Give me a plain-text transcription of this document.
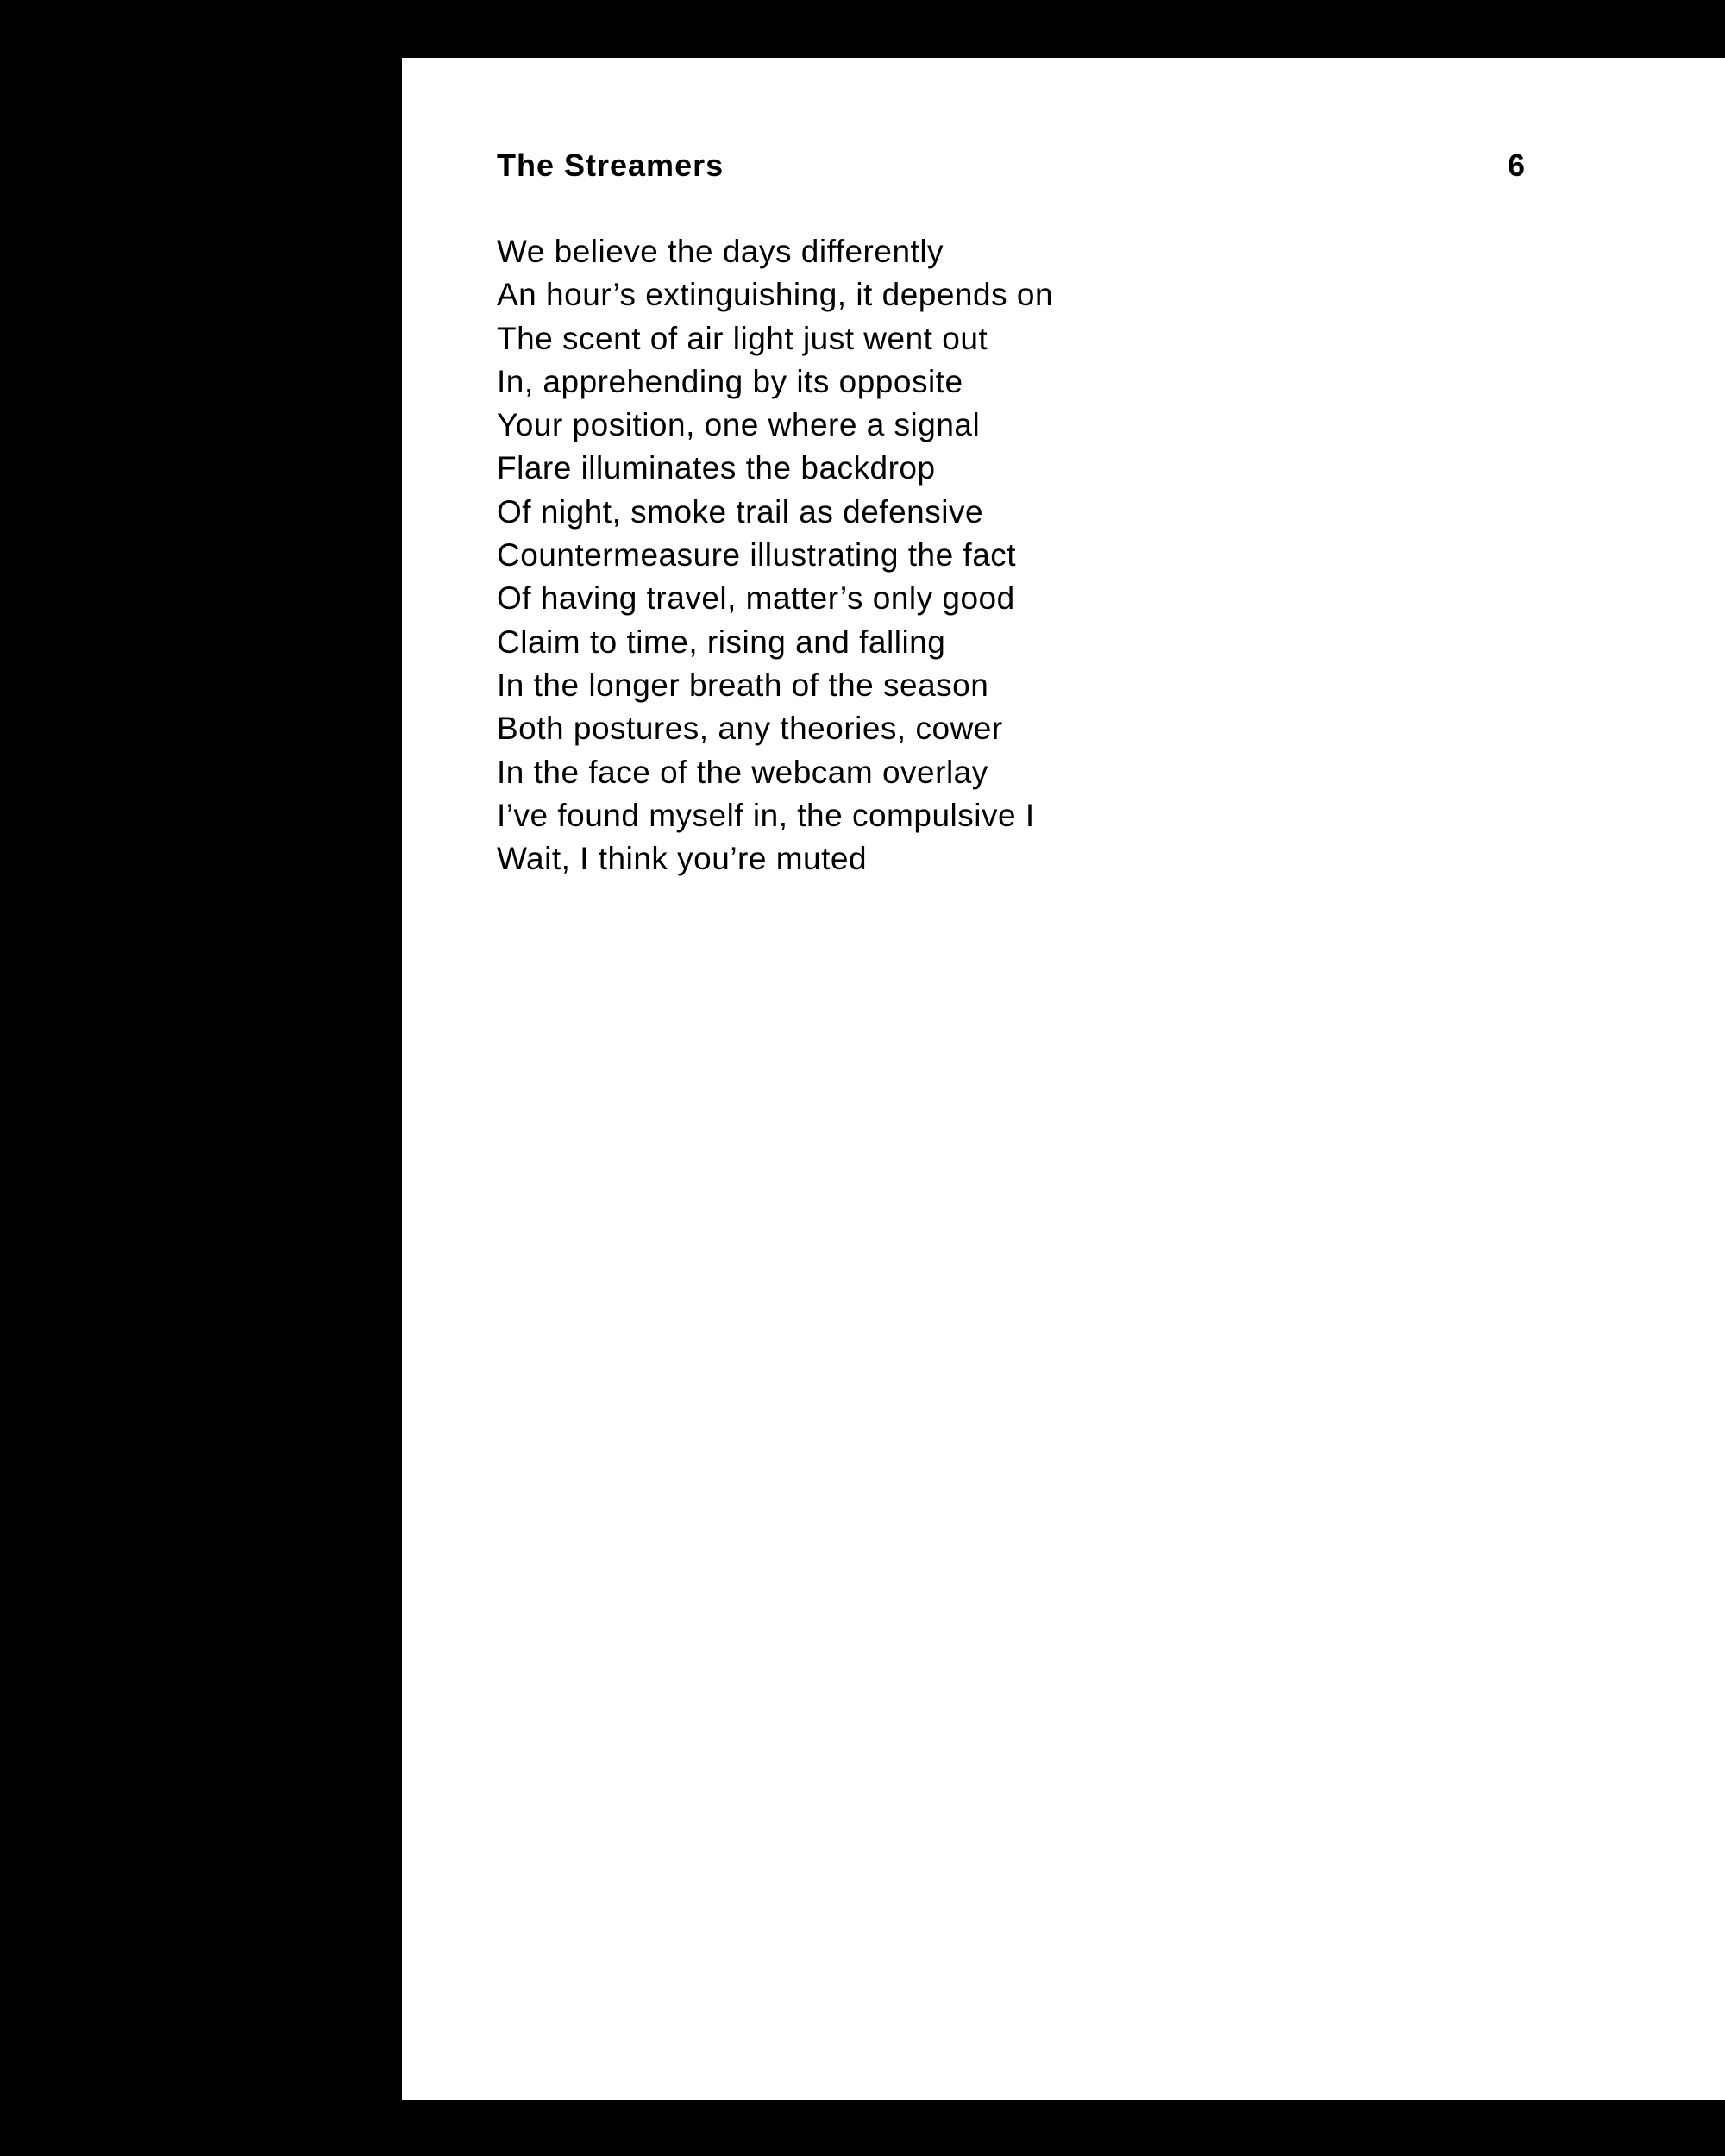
The Streamers	6
We believe the days differently
An hour’s extinguishing, it depends on
The scent of air light just went out
In, apprehending by its opposite
Your position, one where a signal
Flare illuminates the backdrop
Of night, smoke trail as defensive
Countermeasure illustrating the fact
Of having travel, matter’s only good
Claim to time, rising and falling
In the longer breath of the season
Both postures, any theories, cower
In the face of the webcam overlay
I’ve found myself in, the compulsive I
Wait, I think you’re muted
